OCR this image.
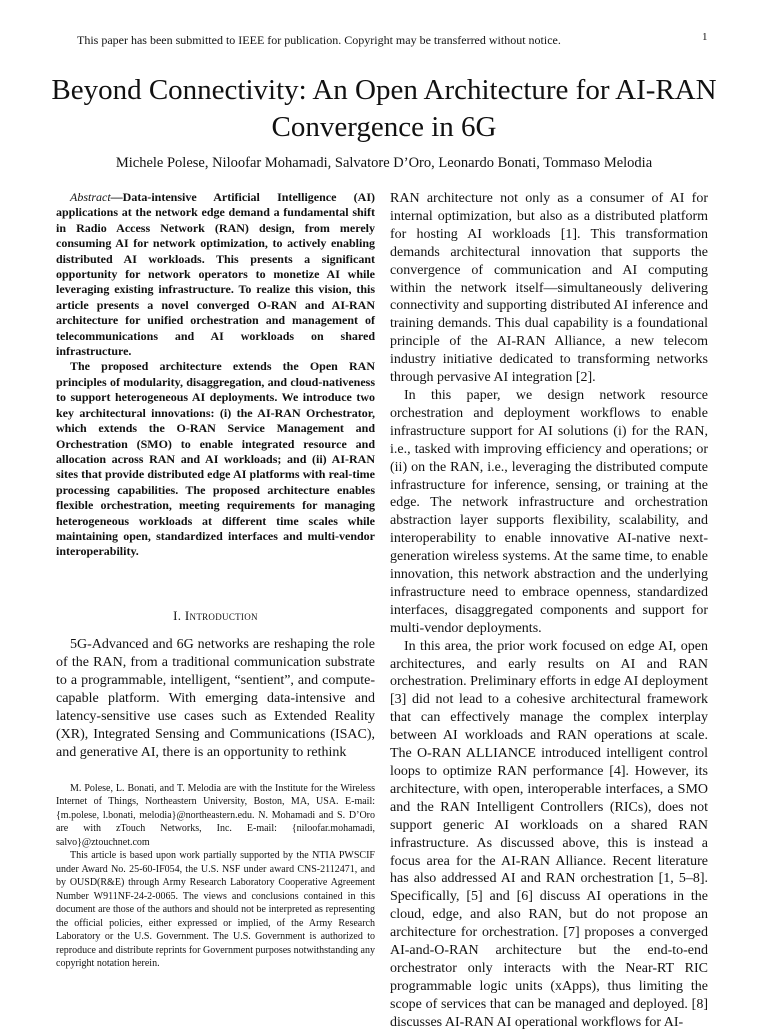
This paper has been submitted to IEEE for publication. Copyright may be transferred without notice.	1
Beyond Connectivity: An Open Architecture for AI-RAN Convergence in 6G
Michele Polese, Niloofar Mohamadi, Salvatore D’Oro, Leonardo Bonati, Tommaso Melodia

Abstract—Data-intensive Artificial Intelligence (AI) applications at the network edge demand a fundamental shift in Radio Access Network (RAN) design, from merely consuming AI for network optimization, to actively enabling distributed AI workloads. This presents a significant opportunity for network operators to monetize AI while leveraging existing infrastructure. To realize this vision, this article presents a novel converged O-RAN and AI-RAN architecture for unified orchestration and management of telecommunications and AI workloads on shared infrastructure.

The proposed architecture extends the Open RAN principles of modularity, disaggregation, and cloud-nativeness to support heterogeneous AI deployments. We introduce two key architectural innovations: (i) the AI-RAN Orchestrator, which extends the O-RAN Service Management and Orchestration (SMO) to enable integrated resource and allocation across RAN and AI workloads; and (ii) AI-RAN sites that provide distributed edge AI platforms with real-time processing capabilities. The proposed architecture enables flexible orchestration, meeting requirements for managing heterogeneous workloads at different time scales while maintaining open, standardized interfaces and multi-vendor interoperability.

I. Introduction

5G-Advanced and 6G networks are reshaping the role of the RAN, from a traditional communication substrate to a programmable, intelligent, “sentient”, and compute-capable platform. With emerging data-intensive and latency-sensitive use cases such as Extended Reality (XR), Integrated Sensing and Communications (ISAC), and generative AI, there is an opportunity to rethink

M. Polese, L. Bonati, and T. Melodia are with the Institute for the Wireless Internet of Things, Northeastern University, Boston, MA, USA. E-mail: {m.polese, l.bonati, melodia}@northeastern.edu. N. Mohamadi and S. D’Oro are with zTouch Networks, Inc. E-mail: {niloofar.mohamadi, salvo}@ztouchnet.com

This article is based upon work partially supported by the NTIA PWSCIF under Award No. 25-60-IF054, the U.S. NSF under award CNS-2112471, and by OUSD(R&E) through Army Research Laboratory Cooperative Agreement Number W911NF-24-2-0065. The views and conclusions contained in this document are those of the authors and should not be interpreted as representing the official policies, either expressed or implied, of the Army Research Laboratory or the U.S. Government. The U.S. Government is authorized to reproduce and distribute reprints for Government purposes notwithstanding any copyright notation herein.

RAN architecture not only as a consumer of AI for internal optimization, but also as a distributed platform for hosting AI workloads [1]. This transformation demands architectural innovation that supports the convergence of communication and AI computing within the network itself—simultaneously delivering connectivity and supporting distributed AI inference and training demands. This dual capability is a foundational principle of the AI-RAN Alliance, a new telecom industry initiative dedicated to transforming networks through pervasive AI integration [2].

In this paper, we design network resource orchestration and deployment workflows to enable infrastructure support for AI solutions (i) for the RAN, i.e., tasked with improving efficiency and operations; or (ii) on the RAN, i.e., leveraging the distributed compute infrastructure for inference, sensing, or training at the edge. The network infrastructure and orchestration abstraction layer supports flexibility, scalability, and interoperability to enable innovative AI-native next-generation wireless systems. At the same time, to enable innovation, this network abstraction and the underlying infrastructure need to embrace openness, standardized interfaces, disaggregated components and support for multi-vendor deployments.

In this area, the prior work focused on edge AI, open architectures, and early results on AI and RAN orchestration. Preliminary efforts in edge AI deployment [3] did not lead to a cohesive architectural framework that can effectively manage the complex interplay between AI workloads and RAN operations at scale. The O-RAN ALLIANCE introduced intelligent control loops to optimize RAN performance [4]. However, its architecture, with open, interoperable interfaces, a SMO and the RAN Intelligent Controllers (RICs), does not support generic AI workloads on a shared RAN infrastructure. As discussed above, this is instead a focus area for the AI-RAN Alliance. Recent literature has also addressed AI and RAN orchestration [1, 5–8]. Specifically, [5] and [6] discuss AI operations in the cloud, edge, and also RAN, but do not propose an architecture for orchestration. [7] proposes a converged AI-and-O-RAN architecture but the end-to-end orchestrator only interacts with the Near-RT RIC programmable logic units (xApps), thus limiting the scope of services that can be managed and deployed. [8] discusses AI-RAN AI operational workflows for AI-
